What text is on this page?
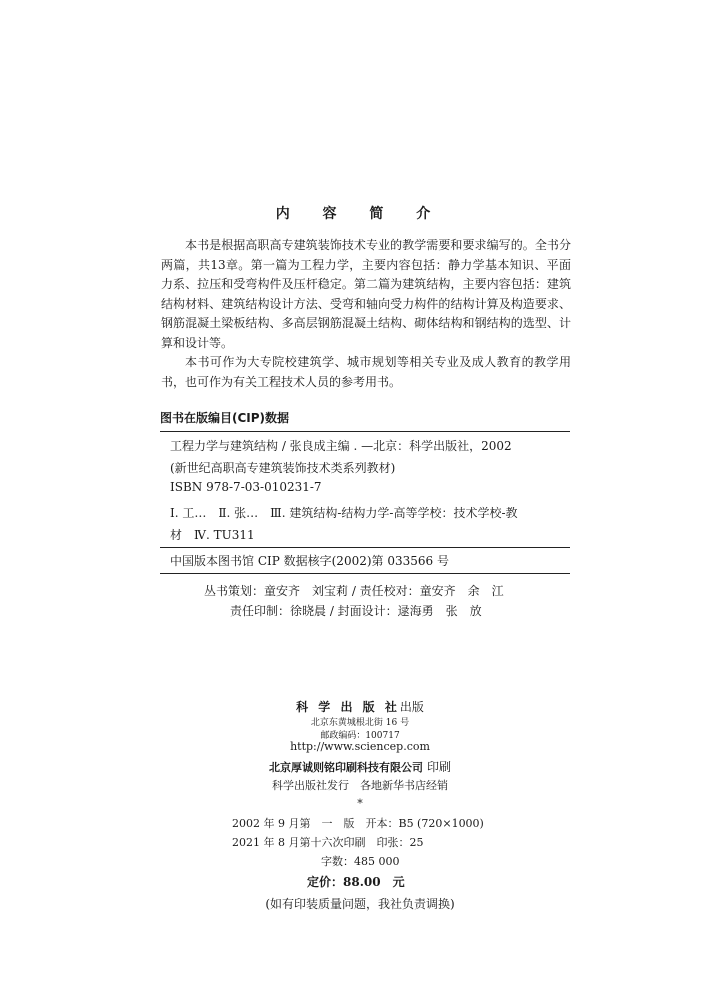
内 容 简 介

本书是根据高职高专建筑装饰技术专业的教学需要和要求编写的。全书分两篇，共13章。第一篇为工程力学，主要内容包括：静力学基本知识、平面力系、拉压和受弯构件及压杆稳定。第二篇为建筑结构，主要内容包括：建筑结构材料、建筑结构设计方法、受弯和轴向受力构件的结构计算及构造要求、钢筋混凝土梁板结构、多高层钢筋混凝土结构、砌体结构和钢结构的选型、计算和设计等。

本书可作为大专院校建筑学、城市规划等相关专业及成人教育的教学用书，也可作为有关工程技术人员的参考用书。

图书在版编目(CIP)数据
工程力学与建筑结构 / 张良成主编 . —北京：科学出版社，2002
(新世纪高职高专建筑装饰技术类系列教材)
ISBN 978-7-03-010231-7
Ⅰ. 工…　Ⅱ. 张…　Ⅲ. 建筑结构-结构力学-高等学校：技术学校-教
材　Ⅳ. TU311
中国版本图书馆 CIP 数据核字(2002)第 033566 号
丛书策划：童安齐　刘宝莉 / 责任校对：童安齐　余　江
责任印制：徐晓晨 / 封面设计：逯海勇　张　放
科 学 出 版 社出版
北京东黄城根北街 16 号
邮政编码：100717
http://www.sciencep.com
北京厚诚则铭印刷科技有限公司 印刷
科学出版社发行　各地新华书店经销
*
2002 年 9 月第　一　版　开本：B5 (720×1000)
2021 年 8 月第十六次印刷　印张：25
字数：485 000
定价：88.00　元
(如有印装质量问题，我社负责调换)
